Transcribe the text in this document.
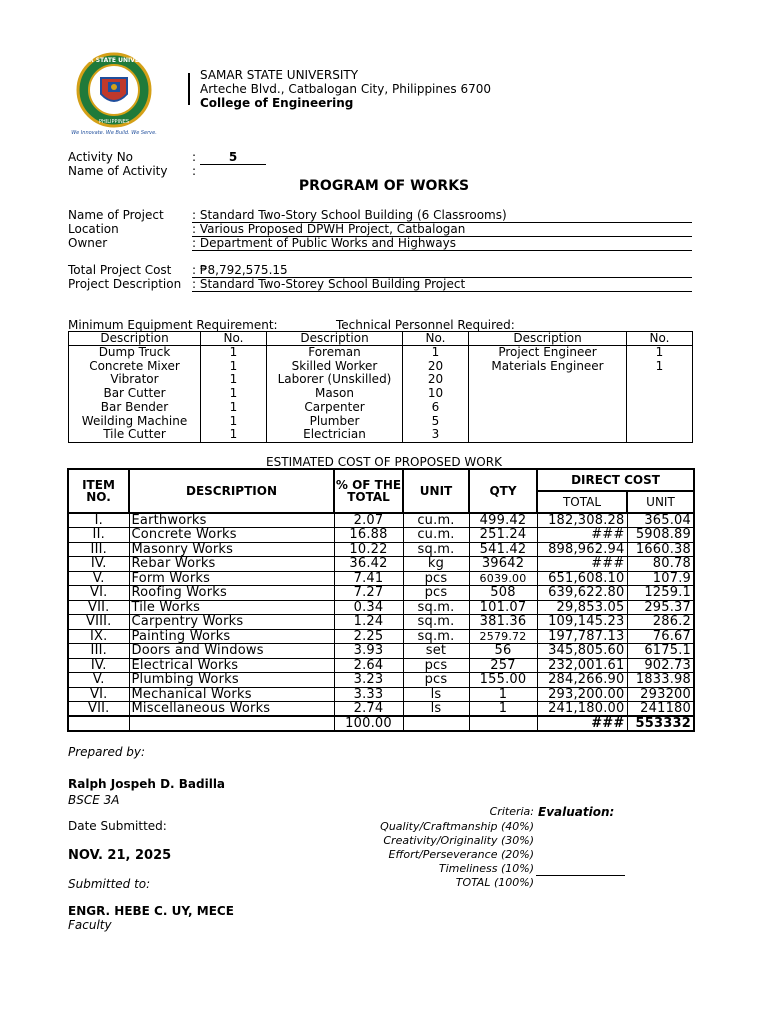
SAMAR STATE UNIVERSITY
PHILIPPINES
We Innovate. We Build. We Serve.
SAMAR STATE UNIVERSITY
Arteche Blvd., Catbalogan City, Philippines 6700
College of Engineering
Activity No	:	5
Name of Activity :
PROGRAM OF WORKS
Name of Project : Standard Two-Story School Building (6 Classrooms)
Location	: Various Proposed DPWH Project, Catbalogan
Owner	: Department of Public Works and Highways
Total Project Cost : ₱8,792,575.15
Project Description : Standard Two-Storey School Building Project
Minimum Equipment Requirement:	Technical Personnel Required:
Description	No.	Description	No.	Description	No.
Dump Truck	1	Foreman	1	Project Engineer	1
Concrete Mixer	1	Skilled Worker	20	Materials Engineer	1
Vibrator	1	Laborer (Unskilled)	20		
Bar Cutter	1	Mason	10		
Bar Bender	1	Carpenter	6		
Weilding Machine	1	Plumber	5		
Tile Cutter	1	Electrician	3		
ESTIMATED COST OF PROPOSED WORK
ITEM NO.	DESCRIPTION	% OF THE TOTAL	UNIT	QTY	DIRECT COST	
					TOTAL	UNIT
I.	Earthworks	2.07	cu.m.	499.42	182,308.28	365.04
II.	Concrete Works	16.88	cu.m.	251.24	###	5908.89
III.	Masonry Works	10.22	sq.m.	541.42	898,962.94	1660.38
IV.	Rebar Works	36.42	kg	39642	###	80.78
V.	Form Works	7.41	pcs	6039.00	651,608.10	107.9
VI.	Roofing Works	7.27	pcs	508	639,622.80	1259.1
VII.	Tile Works	0.34	sq.m.	101.07	29,853.05	295.37
VIII.	Carpentry Works	1.24	sq.m.	381.36	109,145.23	286.2
IX.	Painting Works	2.25	sq.m.	2579.72	197,787.13	76.67
III.	Doors and Windows	3.93	set	56	345,805.60	6175.1
IV.	Electrical Works	2.64	pcs	257	232,001.61	902.73
V.	Plumbing Works	3.23	pcs	155.00	284,266.90	1833.98
VI.	Mechanical Works	3.33	ls	1	293,200.00	293200
VII.	Miscellaneous Works	2.74	ls	1	241,180.00	241180
		100.00			###	553332
Prepared by:
Ralph Jospeh D. Badilla
BSCE 3A
Date Submitted:
NOV. 21, 2025
Submitted to:
ENGR. HEBE C. UY, MECE
Faculty
Criteria: Evaluation:
Quality/Craftmanship (40%)
Creativity/Originality (30%)
Effort/Perseverance (20%)
Timeliness (10%)
TOTAL (100%)
